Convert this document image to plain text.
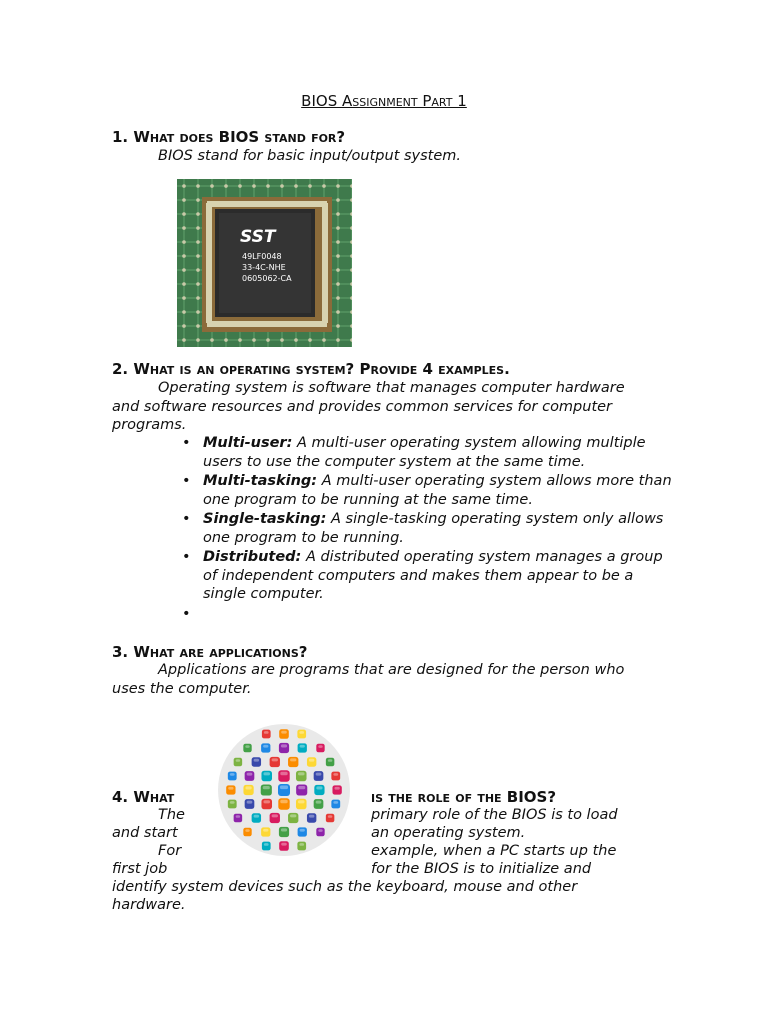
BIOS Assignment Part 1
1. What does BIOS stand for?
BIOS stand for basic input/output system.
SST
49LF0048
33-4C-NHE
0605062-CA
2. What is an operating system? Provide 4 examples.
Operating system is software that manages computer hardware and software resources and provides common services for computer programs.
• Multi-user: A multi-user operating system allowing multiple users to use the computer system at the same time.
• Multi-tasking: A multi-user operating system allows more than one program to be running at the same time.
• Single-tasking: A single-tasking operating system only allows one program to be running.
• Distributed: A distributed operating system manages a group of independent computers and makes them appear to be a single computer.
•

3. What are applications?
Applications are programs that are designed for the person who uses the computer.
4. What	is the role of the BIOS?
The	primary role of the BIOS is to load
and start	an operating system.
For	example, when a PC starts up the
first job	for the BIOS is to initialize and
identify system devices such as the keyboard, mouse and other
hardware.
